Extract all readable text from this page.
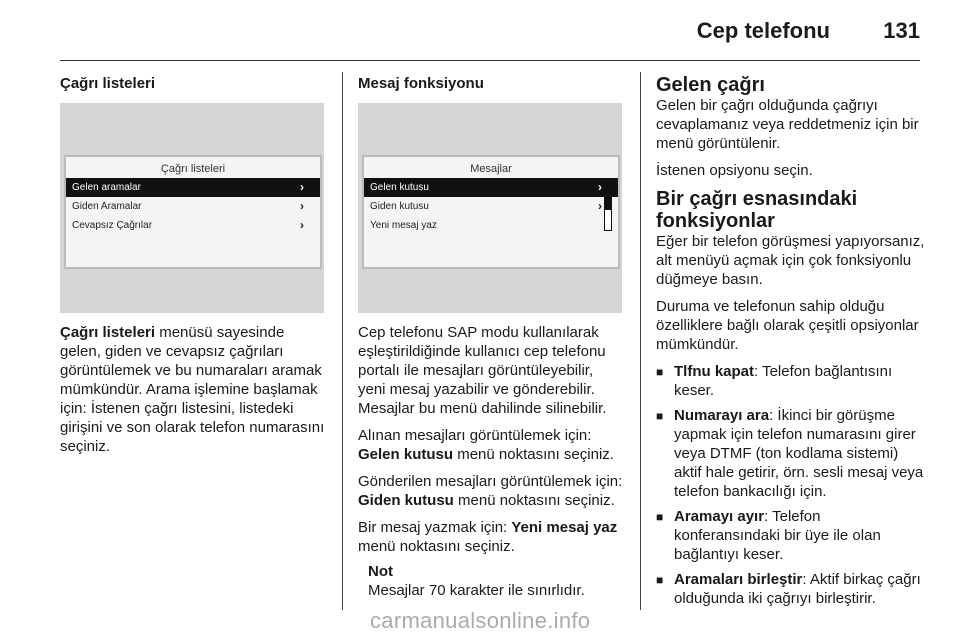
Cep telefonu 131
Çağrı listeleri
Çağrı listeleri
Gelen aramalar	›
Giden Aramalar	›
Cevapsız Çağrılar	›

Çağrı listeleri menüsü sayesinde gelen, giden ve cevapsız çağrıları görüntülemek ve bu numaraları aramak mümkündür. Arama işlemine başlamak için: İstenen çağrı listesini, listedeki girişini ve son olarak telefon numarasını seçiniz.

Mesaj fonksiyonu
Mesajlar
Gelen kutusu	›
Giden kutusu	›
Yeni mesaj yaz

Cep telefonu SAP modu kullanılarak eşleştirildiğinde kullanıcı cep telefonu portalı ile mesajları görüntüleyebilir, yeni mesaj yazabilir ve gönderebilir. Mesajlar bu menü dahilinde silinebilir.

Alınan mesajları görüntülemek için: Gelen kutusu menü noktasını seçiniz.

Gönderilen mesajları görüntülemek için: Giden kutusu menü noktasını seçiniz.

Bir mesaj yazmak için: Yeni mesaj yaz menü noktasını seçiniz.

Not
Mesajlar 70 karakter ile sınırlıdır.
Gelen çağrı

Gelen bir çağrı olduğunda çağrıyı cevaplamanız veya reddetmeniz için bir menü görüntülenir.

İstenen opsiyonu seçin.

Bir çağrı esnasındaki fonksiyonlar

Eğer bir telefon görüşmesi yapıyorsanız, alt menüyü açmak için çok fonksiyonlu düğmeye basın.

Duruma ve telefonun sahip olduğu özelliklere bağlı olarak çeşitli opsiyonlar mümkündür.

■ Tlfnu kapat: Telefon bağlantısını keser.
■ Numarayı ara: İkinci bir görüşme yapmak için telefon numarasını girer veya DTMF (ton kodlama sistemi) aktif hale getirir, örn. sesli mesaj veya telefon bankacılığı için.
■ Aramayı ayır: Telefon konferansındaki bir üye ile olan bağlantıyı keser.
■ Aramaları birleştir: Aktif birkaç çağrı olduğunda iki çağrıyı birleştirir.
carmanualsonline.info
